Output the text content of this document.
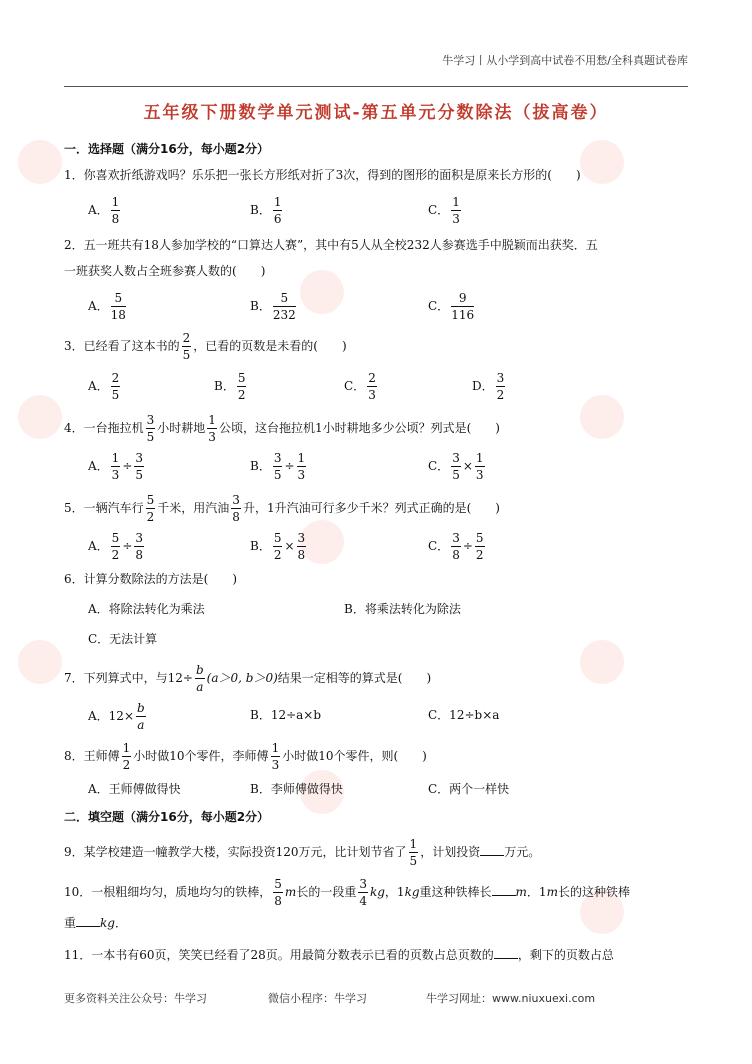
牛学习丨从小学到高中试卷不用愁/全科真题试卷库
五年级下册数学单元测试-第五单元分数除法（拔高卷）
一．选择题（满分16分，每小题2分）
1．你喜欢折纸游戏吗？乐乐把一张长方形纸对折了3次，得到的图形的面积是原来长方形的(　　)
A． $\frac{1}{8}$	B． $\frac{1}{6}$	C． $\frac{1}{3}$
2．五一班共有18人参加学校的“口算达人赛”，其中有5人从全校232人参赛选手中脱颖而出获奖．五
一班获奖人数占全班参赛人数的(　　)
A． $\frac{5}{18}$	B． $\frac{5}{232}$	C． $\frac{9}{116}$
3．已经看了这本书的 $\frac{2}{5}$ ，已看的页数是未看的(　　)
A． $\frac{2}{5}$	B． $\frac{5}{2}$	C． $\frac{2}{3}$	D． $\frac{3}{2}$
4．一台拖拉机 $\frac{3}{5}$ 小时耕地 $\frac{1}{3}$ 公顷，这台拖拉机1小时耕地多少公顷？列式是(　　)
A． $\frac{1}{3} \div \frac{3}{5}$	B． $\frac{3}{5} \div \frac{1}{3}$	C． $\frac{3}{5} \times \frac{1}{3}$
5．一辆汽车行 $\frac{5}{2}$ 千米，用汽油 $\frac{3}{8}$ 升，1升汽油可行多少千米？列式正确的是(　　)
A． $\frac{5}{2} \div \frac{3}{8}$	B． $\frac{5}{2} \times \frac{3}{8}$	C． $\frac{3}{8} \div \frac{5}{2}$
6．计算分数除法的方法是(　　)
A．将除法转化为乘法	B．将乘法转化为除法
C．无法计算
7．下列算式中，与$12\div \frac{b}{a} (a>0$, b＞0)结果一定相等的算式是(　　)
A．$12\times \frac{b}{a}$	B．12÷a×b	C．12÷b×a
8．王师傅 $\frac{1}{2}$ 小时做10个零件，李师傅 $\frac{1}{3}$ 小时做10个零件，则(　　)
A．王师傅做得快	B．李师傅做得快	C．两个一样快
二．填空题（满分16分，每小题2分）
9．某学校建造一幢教学大楼，实际投资120万元，比计划节省了 $\frac{1}{5}$ ，计划投资 万元。
10．一根粗细均匀，质地均匀的铁棒， $\frac{5}{8}$ m长的一段重 $\frac{3}{4}$ kg，1kg重这种铁棒长 m．1m长的这种铁棒
重 kg．
11．一本书有60页，笑笑已经看了28页。用最简分数表示已看的页数占总页数的 ，剩下的页数占总
更多资料关注公众号：牛学习	微信小程序：牛学习	牛学习网址：www.niuxuexi.com
